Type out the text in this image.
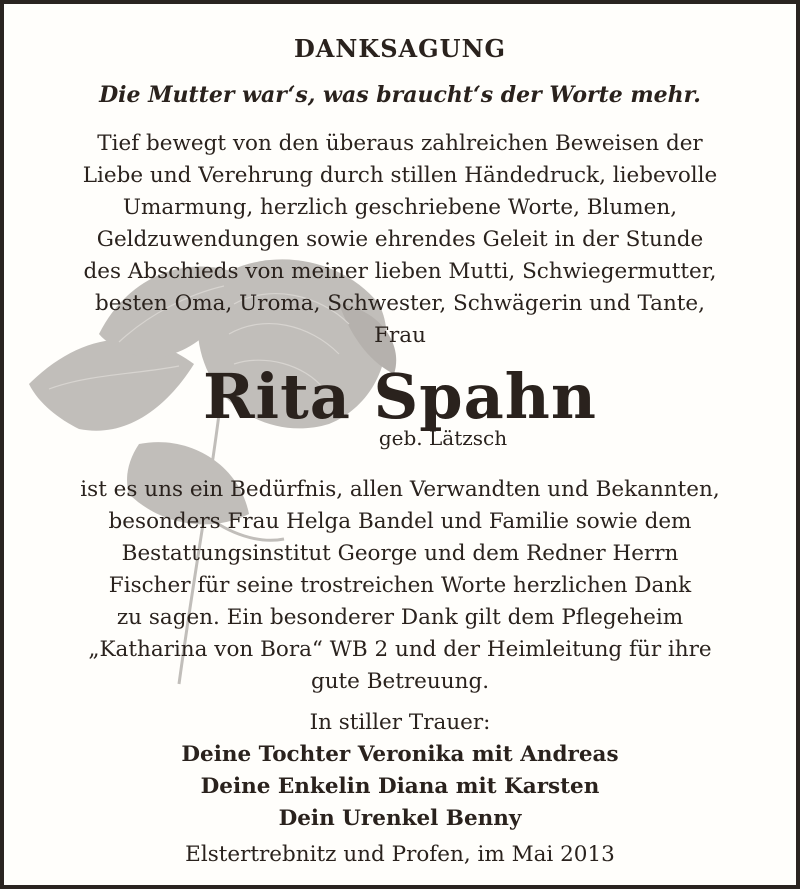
DANKSAGUNG
Die Mutter war‘s, was braucht‘s der Worte mehr.
Tief bewegt von den überaus zahlreichen Beweisen der
Liebe und Verehrung durch stillen Händedruck, liebevolle
Umarmung, herzlich geschriebene Worte, Blumen,
Geldzuwendungen sowie ehrendes Geleit in der Stunde
des Abschieds von meiner lieben Mutti, Schwiegermutter,
besten Oma, Uroma, Schwester, Schwägerin und Tante,
Frau
Rita Spahn
geb. Lätzsch
ist es uns ein Bedürfnis, allen Verwandten und Bekannten,
besonders Frau Helga Bandel und Familie sowie dem
Bestattungsinstitut George und dem Redner Herrn
Fischer für seine trostreichen Worte herzlichen Dank
zu sagen. Ein besonderer Dank gilt dem Pflegeheim
„Katharina von Bora“ WB 2 und der Heimleitung für ihre
gute Betreuung.
In stiller Trauer:
Deine Tochter Veronika mit Andreas
Deine Enkelin Diana mit Karsten
Dein Urenkel Benny
Elstertrebnitz und Profen, im Mai 2013
